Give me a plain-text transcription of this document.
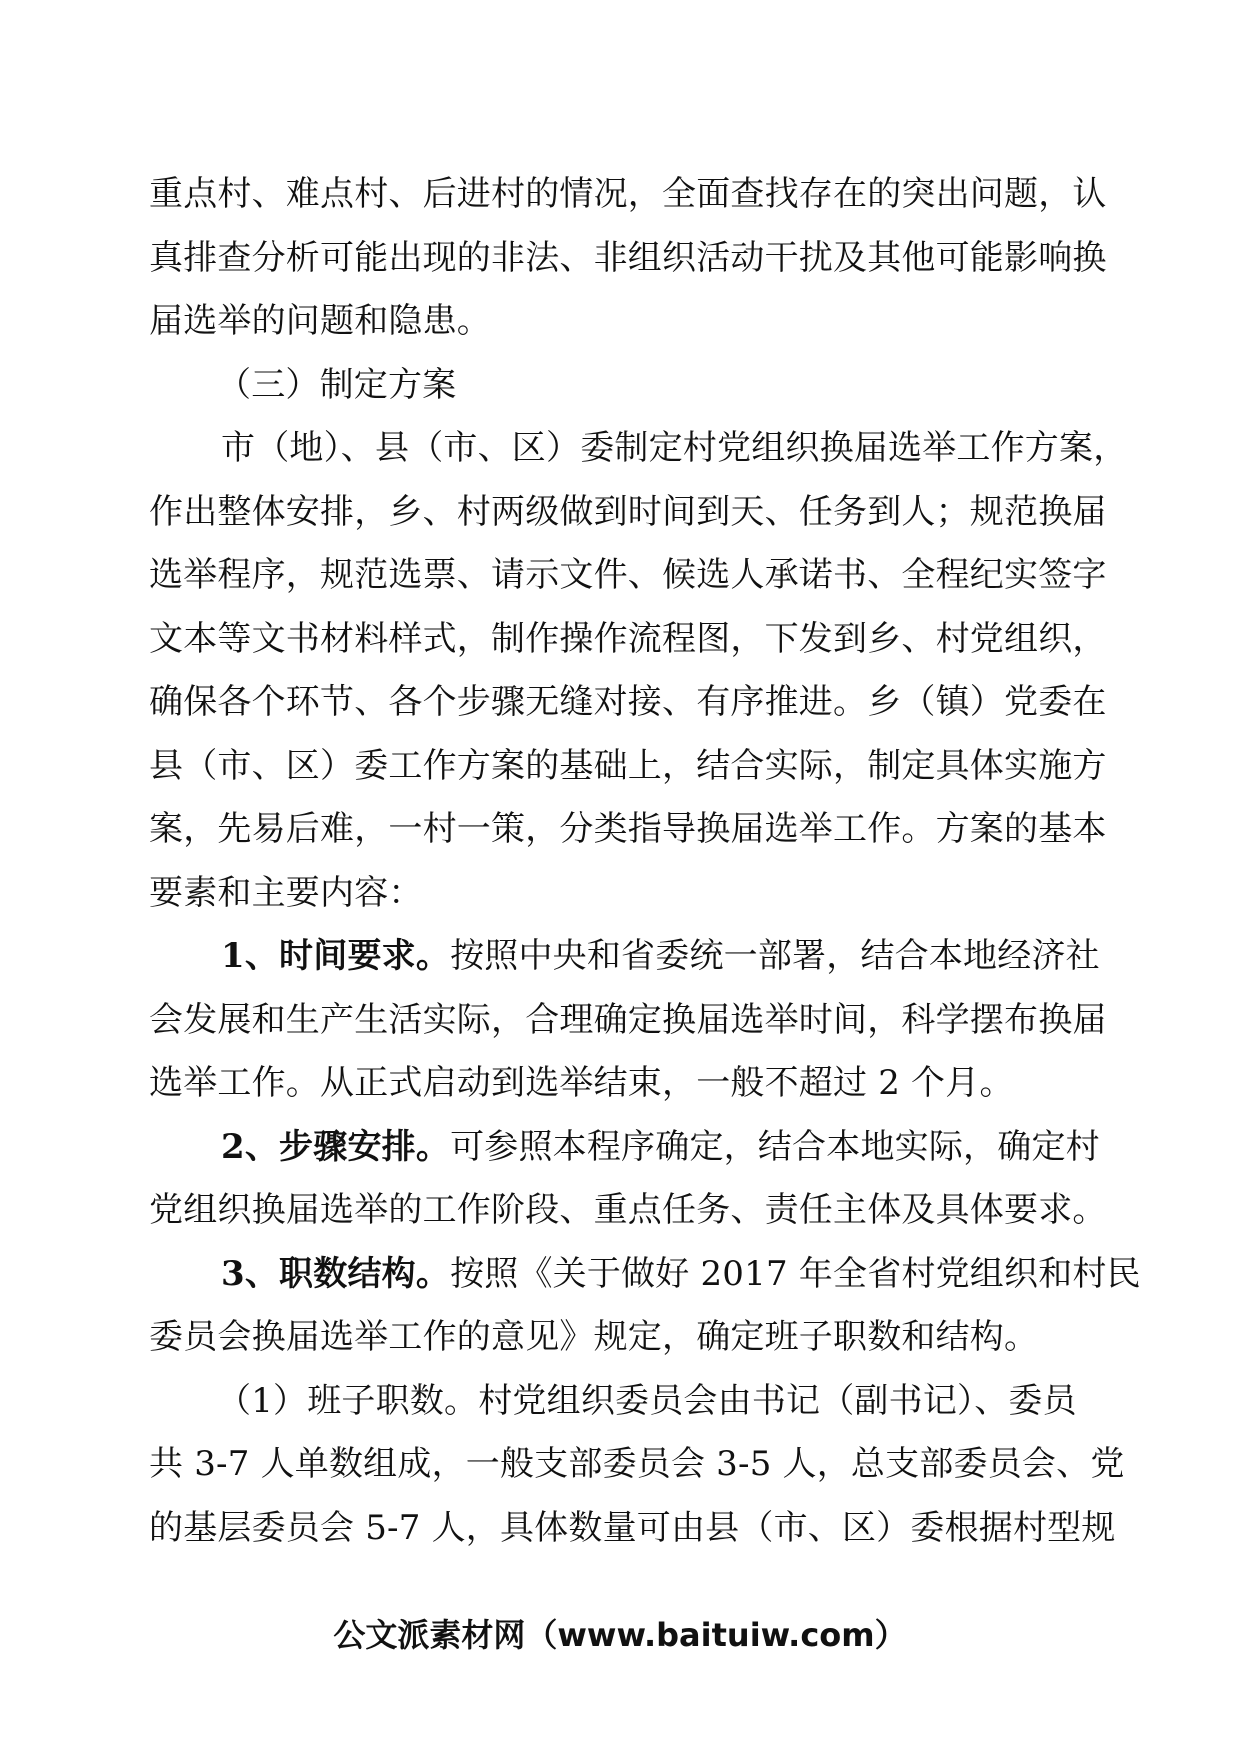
重点村、难点村、后进村的情况，全面查找存在的突出问题，认
真排查分析可能出现的非法、非组织活动干扰及其他可能影响换
届选举的问题和隐患。
（三）制定方案
市（地）、县（市、区）委制定村党组织换届选举工作方案，
作出整体安排，乡、村两级做到时间到天、任务到人；规范换届
选举程序，规范选票、请示文件、候选人承诺书、全程纪实签字
文本等文书材料样式，制作操作流程图，下发到乡、村党组织，
确保各个环节、各个步骤无缝对接、有序推进。乡（镇）党委在
县（市、区）委工作方案的基础上，结合实际，制定具体实施方
案，先易后难，一村一策，分类指导换届选举工作。方案的基本
要素和主要内容：
1、时间要求。按照中央和省委统一部署，结合本地经济社
会发展和生产生活实际，合理确定换届选举时间，科学摆布换届
选举工作。从正式启动到选举结束，一般不超过 2 个月。
2、步骤安排。可参照本程序确定，结合本地实际，确定村
党组织换届选举的工作阶段、重点任务、责任主体及具体要求。
3、职数结构。按照《关于做好 2017 年全省村党组织和村民
委员会换届选举工作的意见》规定，确定班子职数和结构。
（1）班子职数。村党组织委员会由书记（副书记）、委员
共 3-7 人单数组成，一般支部委员会 3-5 人，总支部委员会、党
的基层委员会 5-7 人，具体数量可由县（市、区）委根据村型规
公文派素材网（www.baituiw.com）
